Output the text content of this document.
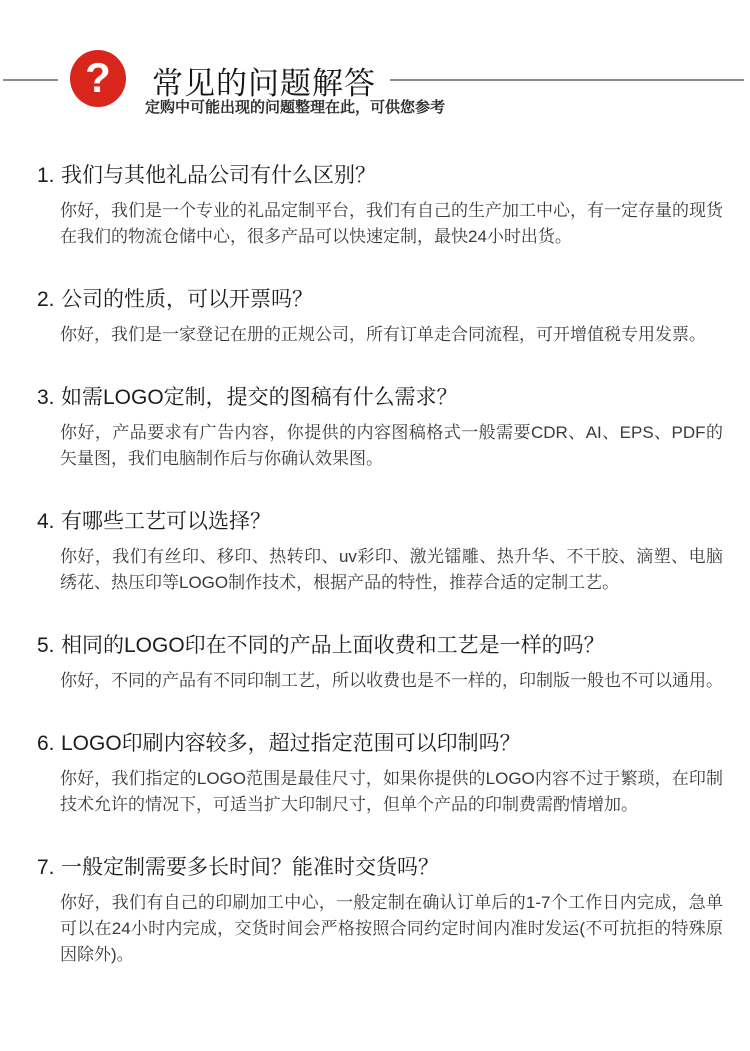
? 常见的问题解答

定购中可能出现的问题整理在此，可供您参考

1. 我们与其他礼品公司有什么区别？

你好，我们是一个专业的礼品定制平台，我们有自己的生产加工中心，有一定存量的现货在我们的物流仓储中心，很多产品可以快速定制，最快24小时出货。

2. 公司的性质，可以开票吗？

你好，我们是一家登记在册的正规公司，所有订单走合同流程，可开增值税专用发票。

3. 如需LOGO定制，提交的图稿有什么需求？

你好，产品要求有广告内容，你提供的内容图稿格式一般需要CDR、AI、EPS、PDF的矢量图，我们电脑制作后与你确认效果图。

4. 有哪些工艺可以选择？

你好，我们有丝印、移印、热转印、uv彩印、激光镭雕、热升华、不干胶、滴塑、电脑绣花、热压印等LOGO制作技术，根据产品的特性，推荐合适的定制工艺。

5. 相同的LOGO印在不同的产品上面收费和工艺是一样的吗？

你好，不同的产品有不同印制工艺，所以收费也是不一样的，印制版一般也不可以通用。

6. LOGO印刷内容较多，超过指定范围可以印制吗？

你好，我们指定的LOGO范围是最佳尺寸，如果你提供的LOGO内容不过于繁琐，在印制技术允许的情况下，可适当扩大印制尺寸，但单个产品的印制费需酌情增加。

7. 一般定制需要多长时间？能准时交货吗？

你好，我们有自己的印刷加工中心，一般定制在确认订单后的1-7个工作日内完成，急单可以在24小时内完成，交货时间会严格按照合同约定时间内准时发运(不可抗拒的特殊原因除外)。
